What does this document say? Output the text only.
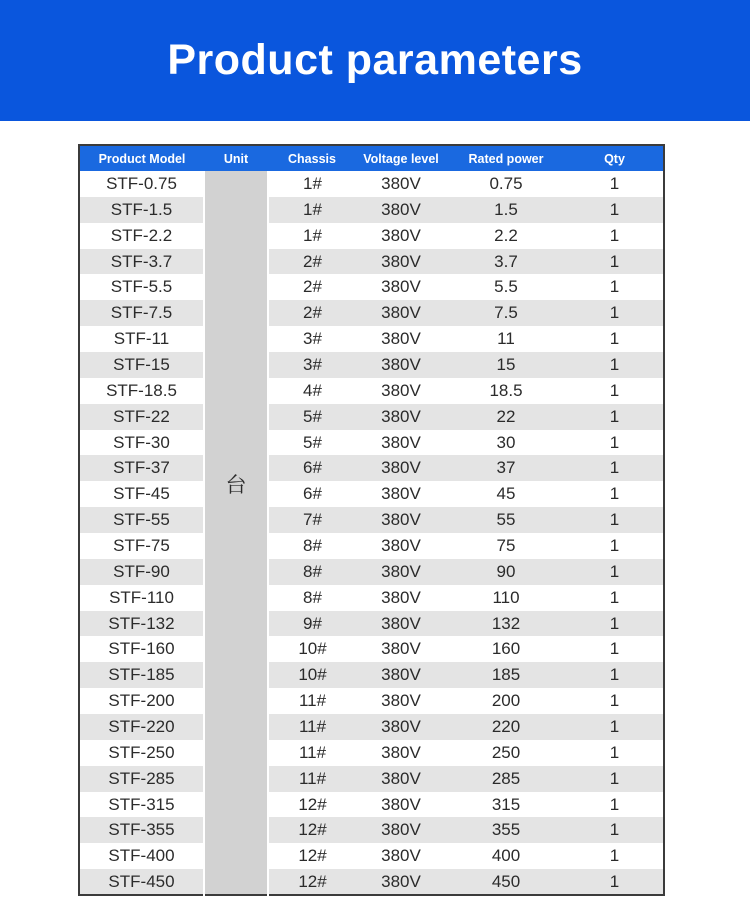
Product parameters
Product Model	Unit	Chassis	Voltage level	Rated power	Qty
STF-0.75	台	1#	380V	0.75	1
STF-1.5		1#	380V	1.5	1
STF-2.2		1#	380V	2.2	1
STF-3.7		2#	380V	3.7	1
STF-5.5		2#	380V	5.5	1
STF-7.5		2#	380V	7.5	1
STF-11		3#	380V	11	1
STF-15		3#	380V	15	1
STF-18.5		4#	380V	18.5	1
STF-22		5#	380V	22	1
STF-30		5#	380V	30	1
STF-37		6#	380V	37	1
STF-45		6#	380V	45	1
STF-55		7#	380V	55	1
STF-75		8#	380V	75	1
STF-90		8#	380V	90	1
STF-110		8#	380V	110	1
STF-132		9#	380V	132	1
STF-160		10#	380V	160	1
STF-185		10#	380V	185	1
STF-200		11#	380V	200	1
STF-220		11#	380V	220	1
STF-250		11#	380V	250	1
STF-285		11#	380V	285	1
STF-315		12#	380V	315	1
STF-355		12#	380V	355	1
STF-400		12#	380V	400	1
STF-450		12#	380V	450	1
